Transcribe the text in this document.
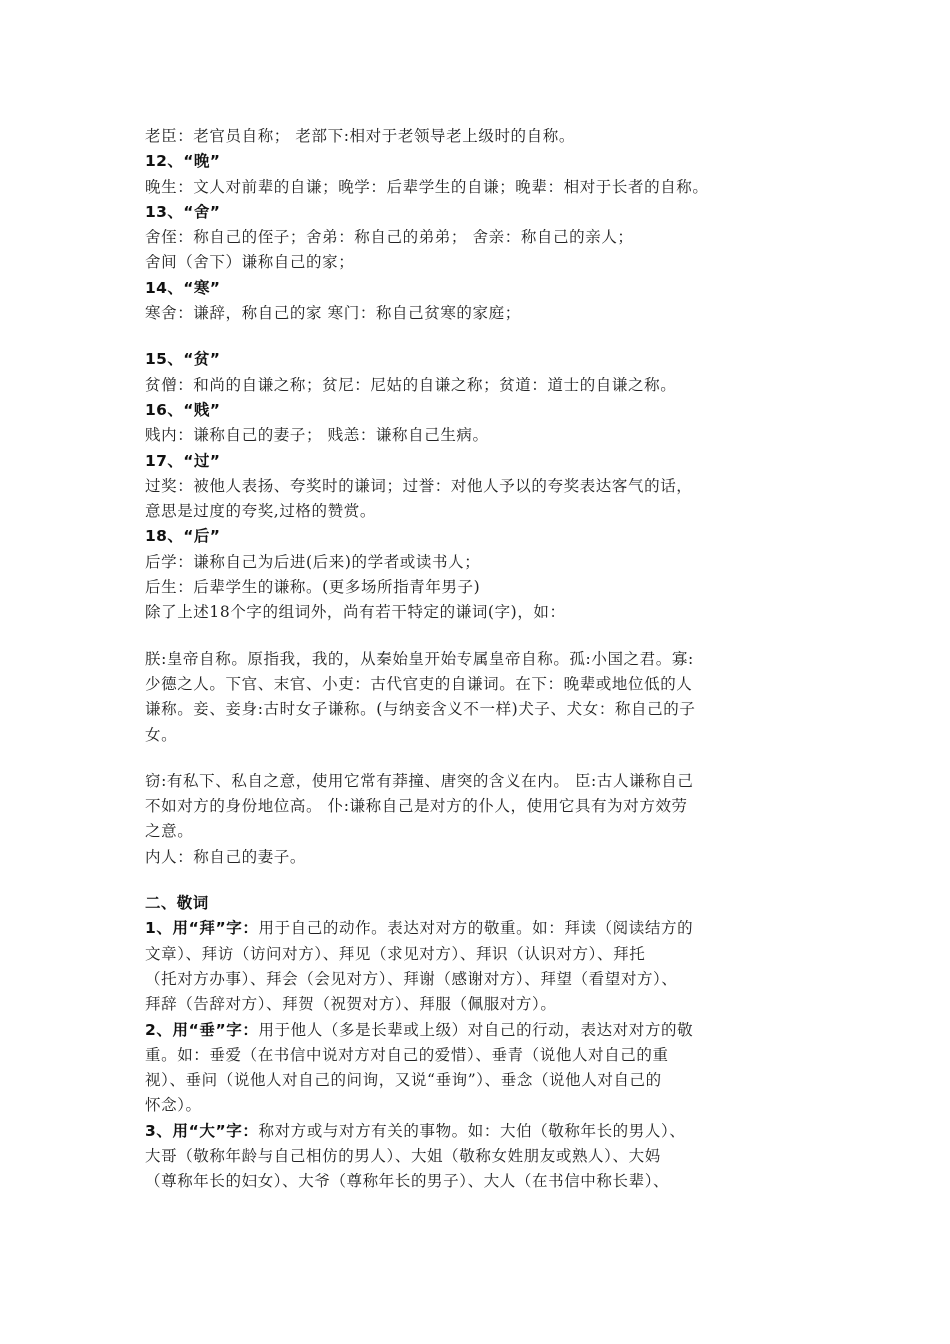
老臣：老官员自称； 老部下:相对于老领导老上级时的自称。
12、“晚”
晚生：文人对前辈的自谦；晚学：后辈学生的自谦；晚辈：相对于长者的自称。
13、“舍”
舍侄：称自己的侄子；舍弟：称自己的弟弟； 舍亲：称自己的亲人；
舍间（舍下）谦称自己的家；
14、“寒”
寒舍：谦辞，称自己的家 寒门：称自己贫寒的家庭；
15、“贫”
贫僧：和尚的自谦之称；贫尼：尼姑的自谦之称；贫道：道士的自谦之称。
16、“贱”
贱内：谦称自己的妻子； 贱恙：谦称自己生病。
17、“过”
过奖：被他人表扬、夸奖时的谦词；过誉：对他人予以的夸奖表达客气的话，
意思是过度的夸奖,过格的赞赏。
18、“后”
后学：谦称自己为后进(后来)的学者或读书人；
后生：后辈学生的谦称。(更多场所指青年男子)
除了上述18个字的组词外，尚有若干特定的谦词(字)，如：
朕:皇帝自称。原指我，我的，从秦始皇开始专属皇帝自称。孤:小国之君。寡:
少德之人。下官、末官、小吏：古代官吏的自谦词。在下：晚辈或地位低的人
谦称。妾、妾身:古时女子谦称。(与纳妾含义不一样)犬子、犬女：称自己的子
女。
窃:有私下、私自之意，使用它常有莽撞、唐突的含义在内。 臣:古人谦称自己
不如对方的身份地位高。 仆:谦称自己是对方的仆人，使用它具有为对方效劳
之意。
内人：称自己的妻子。
二、敬词
1、用“拜”字：用于自己的动作。表达对对方的敬重。如：拜读（阅读结方的
文章）、拜访（访问对方）、拜见（求见对方）、拜识（认识对方）、拜托
（托对方办事）、拜会（会见对方）、拜谢（感谢对方）、拜望（看望对方）、
拜辞（告辞对方）、拜贺（祝贺对方）、拜服（佩服对方）。
2、用“垂”字：用于他人（多是长辈或上级）对自己的行动，表达对对方的敬
重。如：垂爱（在书信中说对方对自己的爱惜）、垂青（说他人对自己的重
视）、垂问（说他人对自己的问询，又说“垂询”）、垂念（说他人对自己的
怀念）。
3、用“大”字：称对方或与对方有关的事物。如：大伯（敬称年长的男人）、
大哥（敬称年龄与自己相仿的男人）、大姐（敬称女姓朋友或熟人）、大妈
（尊称年长的妇女）、大爷（尊称年长的男子）、大人（在书信中称长辈）、
